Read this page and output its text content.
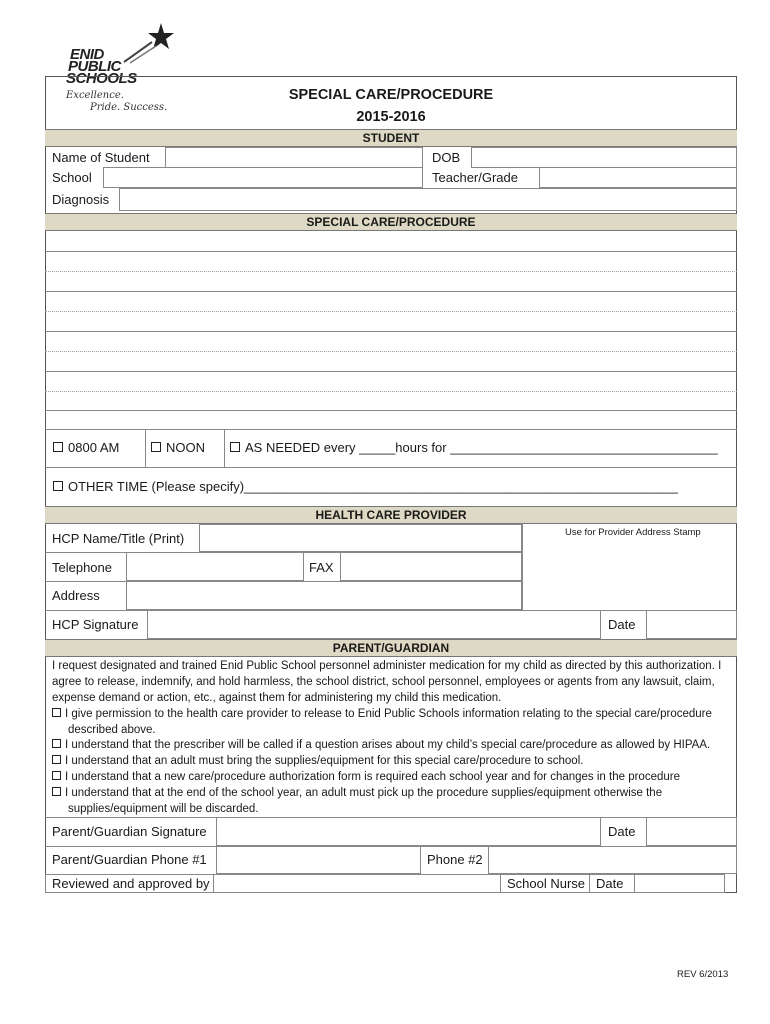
ENID
PUBLIC
SCHOOLS
Excellence.
Pride. Success.
SPECIAL CARE/PROCEDURE
2015-2016
STUDENT
Name of Student	DOB
School	Teacher/Grade
Diagnosis
SPECIAL CARE/PROCEDURE
0800 AM	NOON	AS NEEDED every _____hours for _____________________________________
OTHER TIME (Please specify)____________________________________________________________
HEALTH CARE PROVIDER
HCP Name/Title (Print)	Use for Provider Address Stamp
Telephone	FAX
Address
HCP Signature	Date
PARENT/GUARDIAN
I request designated and trained Enid Public School personnel administer medication for my child as directed by this authorization. I
agree to release, indemnify, and hold harmless, the school district, school personnel, employees or agents from any lawsuit, claim,
expense demand or action, etc., against them for administering my child this medication.
I give permission to the health care provider to release to Enid Public Schools information relating to the special care/procedure
described above.
I understand that the prescriber will be called if a question arises about my child’s special care/procedure as allowed by HIPAA.
I understand that an adult must bring the supplies/equipment for this special care/procedure to school.
I understand that a new care/procedure authorization form is required each school year and for changes in the procedure
I understand that at the end of the school year, an adult must pick up the procedure supplies/equipment otherwise the
supplies/equipment will be discarded.
Parent/Guardian Signature	Date
Parent/Guardian Phone #1	Phone #2
Reviewed and approved by	School Nurse Date
REV 6/2013
